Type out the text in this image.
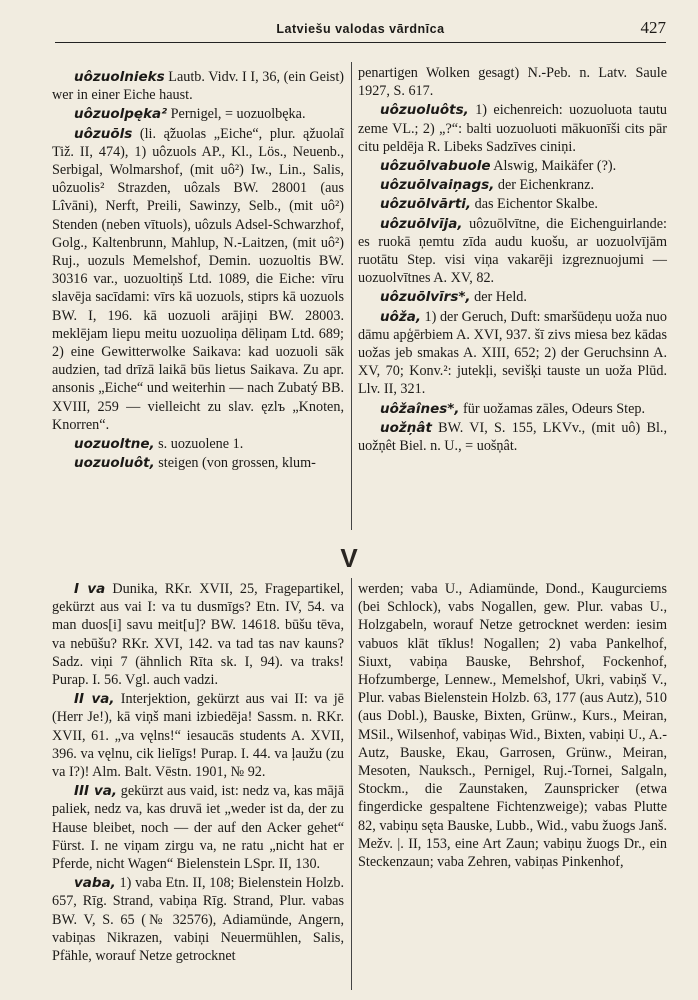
Latviešu valodas vārdnīca	427

uôzuolnieks Lautb. Vidv. I I, 36, (ein Geist) wer in einer Eiche haust.

uôzuolpęka² Pernigel, = uozuolbęka.

uôzuōls (li. ą̃žuolas „Eiche“, plur. ąžuolaĩ Tiž. II, 474), 1) uôzuols AP., Kl., Lös., Neuenb., Serbigal, Wolmarshof, (mit uô²) Iw., Lin., Salis, uôzuolis² Strazden, uôzals BW. 28001 (aus Lîvāni), Nerft, Preili, Sawinzy, Selb., (mit uô²) Stenden (neben vītuols), uôzuls Adsel-Schwarzhof, Golg., Kaltenbrunn, Mahlup, N.-Laitzen, (mit uô²) Ruj., uozuls Memelshof, Demin. uozuoltis BW. 30316 var., uozuoltiņš Ltd. 1089, die Eiche: vīru slavēja sacīdami: vīrs kā uozuols, stiprs kā uozuols BW. I, 196. kā uozuoli arājiņi BW. 28003. meklējam liepu meitu uozuoliņa dēliņam Ltd. 689; 2) eine Gewitterwolke Saikava: kad uozuoli sāk audzien, tad drīzā laikā būs lietus Saikava. Zu apr. ansonis „Eiche“ und weiterhin — nach Zubatý BB. XVIII, 259 — vielleicht zu slav. ęzlъ „Knoten, Knorren“.

uozuoltne, s. uozuolene 1.

uozuoluôt, steigen (von grossen, klum-

penartigen Wolken gesagt) N.-Peb. n. Latv. Saule 1927, S. 617.

uôzuoluôts, 1) eichenreich: uozuoluota tautu zeme VL.; 2) „?“: balti uozuoluoti mākuonīši cits pār citu peldēja R. Libeks Sadzīves ciniņi.

uôzuōlvabuole Alswig, Maikäfer (?).

uôzuōlvaiņags, der Eichenkranz.

uôzuōlvārti, das Eichentor Skalbe.

uôzuōlvīja, uôzuōlvītne, die Eichenguirlande: es ruokā ņemtu zīda audu kuošu, ar uozuolvījām ruotātu Step. visi viņa vakarēji izgreznuojumi — uozuolvītnes A. XV, 82.

uôzuōlvīrs*, der Held.

uôža, 1) der Geruch, Duft: smaršūdeņu uoža nuo dāmu apģērbiem A. XVI, 937. šī zivs miesa bez kādas uožas jeb smakas A. XIII, 652; 2) der Geruchsinn A. XV, 70; Konv.²: jutekļi, sevišķi tauste un uoža Plūd. Llv. II, 321.

uôžaînes*, für uožamas zāles, Odeurs Step.

uožņât BW. VI, S. 155, LKVv., (mit uô) Bl., uožņêt Biel. n. U., = uošņât.

V

I va Dunika, RKr. XVII, 25, Fragepartikel, gekürzt aus vai I: va tu dusmīgs? Etn. IV, 54. va man duos[i] savu meit[u]? BW. 14618. būšu tēva, va nebūšu? RKr. XVI, 142. va tad tas nav kauns? Sadz. viņi 7 (ähnlich Rīta sk. I, 94). va traks! Purap. I. 56. Vgl. auch vadzi.

II va, Interjektion, gekürzt aus vai II: va jē (Herr Je!), kā viņš mani izbiedēja! Sassm. n. RKr. XVII, 61. „va vęlns!“ iesaucās students A. XVII, 396. va vęlnu, cik lielīgs! Purap. I. 44. va ļaužu (zu va I?)! Alm. Balt. Vēstn. 1901, № 92.

III va, gekürzt aus vaid, ist: nedz va, kas mājā paliek, nedz va, kas druvā iet „weder ist da, der zu Hause bleibet, noch — der auf den Acker gehet“ Fürst. I. ne viņam zirgu va, ne ratu „nicht hat er Pferde, nicht Wagen“ Bielenstein LSpr. II, 130.

vaba, 1) vaba Etn. II, 108; Bielenstein Holzb. 657, Rīg. Strand, vabiņa Rīg. Strand, Plur. vabas BW. V, S. 65 (№ 32576), Adiamünde, Angern, vabiņas Nikrazen, vabiņi Neuermühlen, Salis, Pfähle, worauf Netze getrocknet

werden; vaba U., Adiamünde, Dond., Kaugurciems (bei Schlock), vabs Nogallen, gew. Plur. vabas U., Holzgabeln, worauf Netze getrocknet werden: iesim vabuos klāt tīklus! Nogallen; 2) vaba Pankelhof, Siuxt, vabiņa Bauske, Behrshof, Fockenhof, Hofzumberge, Lennew., Memelshof, Ukri, vabiņš V., Plur. vabas Bielenstein Holzb. 63, 177 (aus Autz), 510 (aus Dobl.), Bauske, Bixten, Grünw., Kurs., Meiran, MSil., Wilsenhof, vabiņas Wid., Bixten, vabiņi U., A.-Autz, Bauske, Ekau, Garrosen, Grünw., Meiran, Mesoten, Nauksch., Pernigel, Ruj.-Tornei, Salgaln, Stockm., die Zaunstaken, Zaunspricker (etwa fingerdicke gespaltene Fichtenzweige); vabas Plutte 82, vabiņu sęta Bauske, Lubb., Wid., vabu žuogs Janš. Mežv. |. II, 153, eine Art Zaun; vabiņu žuogs Dr., ein Steckenzaun; vaba Zehren, vabiņas Pinkenhof,
